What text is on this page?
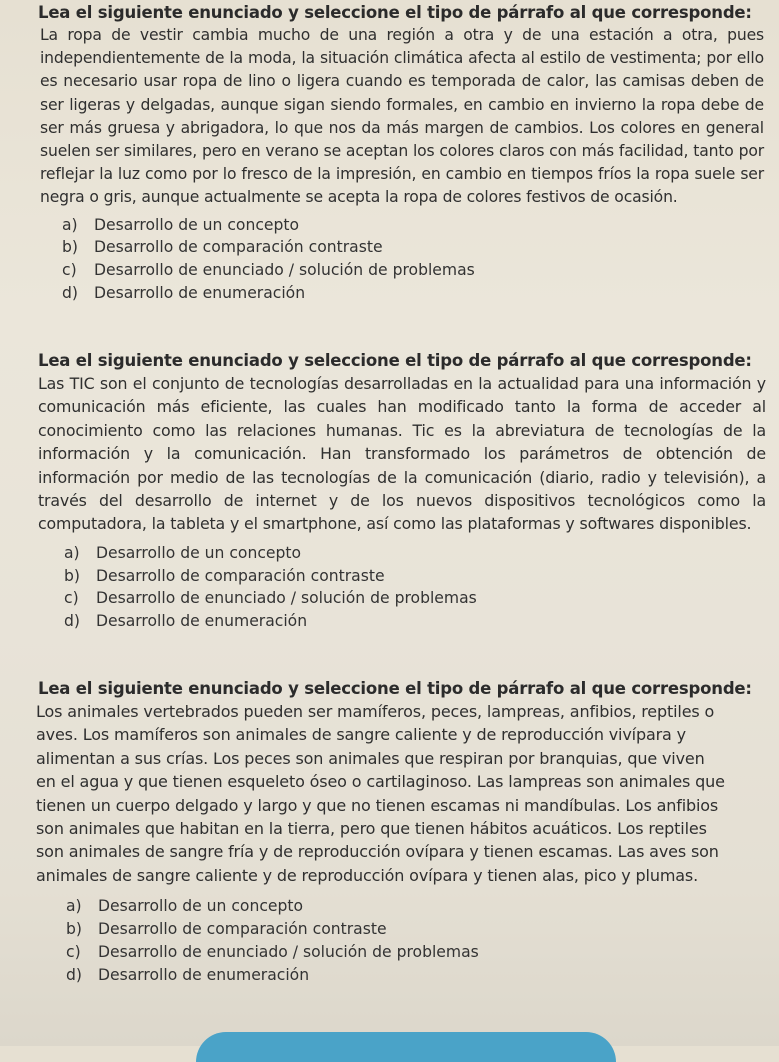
Lea el siguiente enunciado y seleccione el tipo de párrafo al que corresponde:

La ropa de vestir cambia mucho de una región a otra y de una estación a otra, pues independientemente de la moda, la situación climática afecta al estilo de vestimenta; por ello es necesario usar ropa de lino o ligera cuando es temporada de calor, las camisas deben de ser ligeras y delgadas, aunque sigan siendo formales, en cambio en invierno la ropa debe de ser más gruesa y abrigadora, lo que nos da más margen de cambios. Los colores en general suelen ser similares, pero en verano se aceptan los colores claros con más facilidad, tanto por reflejar la luz como por lo fresco de la impresión, en cambio en tiempos fríos la ropa suele ser negra o gris, aunque actualmente se acepta la ropa de colores festivos de ocasión.

a)	Desarrollo de un concepto
b)	Desarrollo de comparación contraste
c)	Desarrollo de enunciado / solución de problemas
d)	Desarrollo de enumeración

Lea el siguiente enunciado y seleccione el tipo de párrafo al que corresponde:

Las TIC son el conjunto de tecnologías desarrolladas en la actualidad para una información y comunicación más eficiente, las cuales han modificado tanto la forma de acceder al conocimiento como las relaciones humanas. Tic es la abreviatura de tecnologías de la información y la comunicación. Han transformado los parámetros de obtención de información por medio de las tecnologías de la comunicación (diario, radio y televisión), a través del desarrollo de internet y de los nuevos dispositivos tecnológicos como la computadora, la tableta y el smartphone, así como las plataformas y softwares disponibles.

a)	Desarrollo de un concepto
b)	Desarrollo de comparación contraste
c)	Desarrollo de enunciado / solución de problemas
d)	Desarrollo de enumeración

Lea el siguiente enunciado y seleccione el tipo de párrafo al que corresponde:

Los animales vertebrados pueden ser mamíferos, peces, lampreas, anfibios, reptiles o
aves. Los mamíferos son animales de sangre caliente y de reproducción vivípara y
alimentan a sus crías. Los peces son animales que respiran por branquias, que viven
en el agua y que tienen esqueleto óseo o cartilaginoso. Las lampreas son animales que
tienen un cuerpo delgado y largo y que no tienen escamas ni mandíbulas. Los anfibios
son animales que habitan en la tierra, pero que tienen hábitos acuáticos. Los reptiles
son animales de sangre fría y de reproducción ovípara y tienen escamas. Las aves son
animales de sangre caliente y de reproducción ovípara y tienen alas, pico y plumas.
a)	Desarrollo de un concepto
b)	Desarrollo de comparación contraste
c)	Desarrollo de enunciado / solución de problemas
d)	Desarrollo de enumeración
